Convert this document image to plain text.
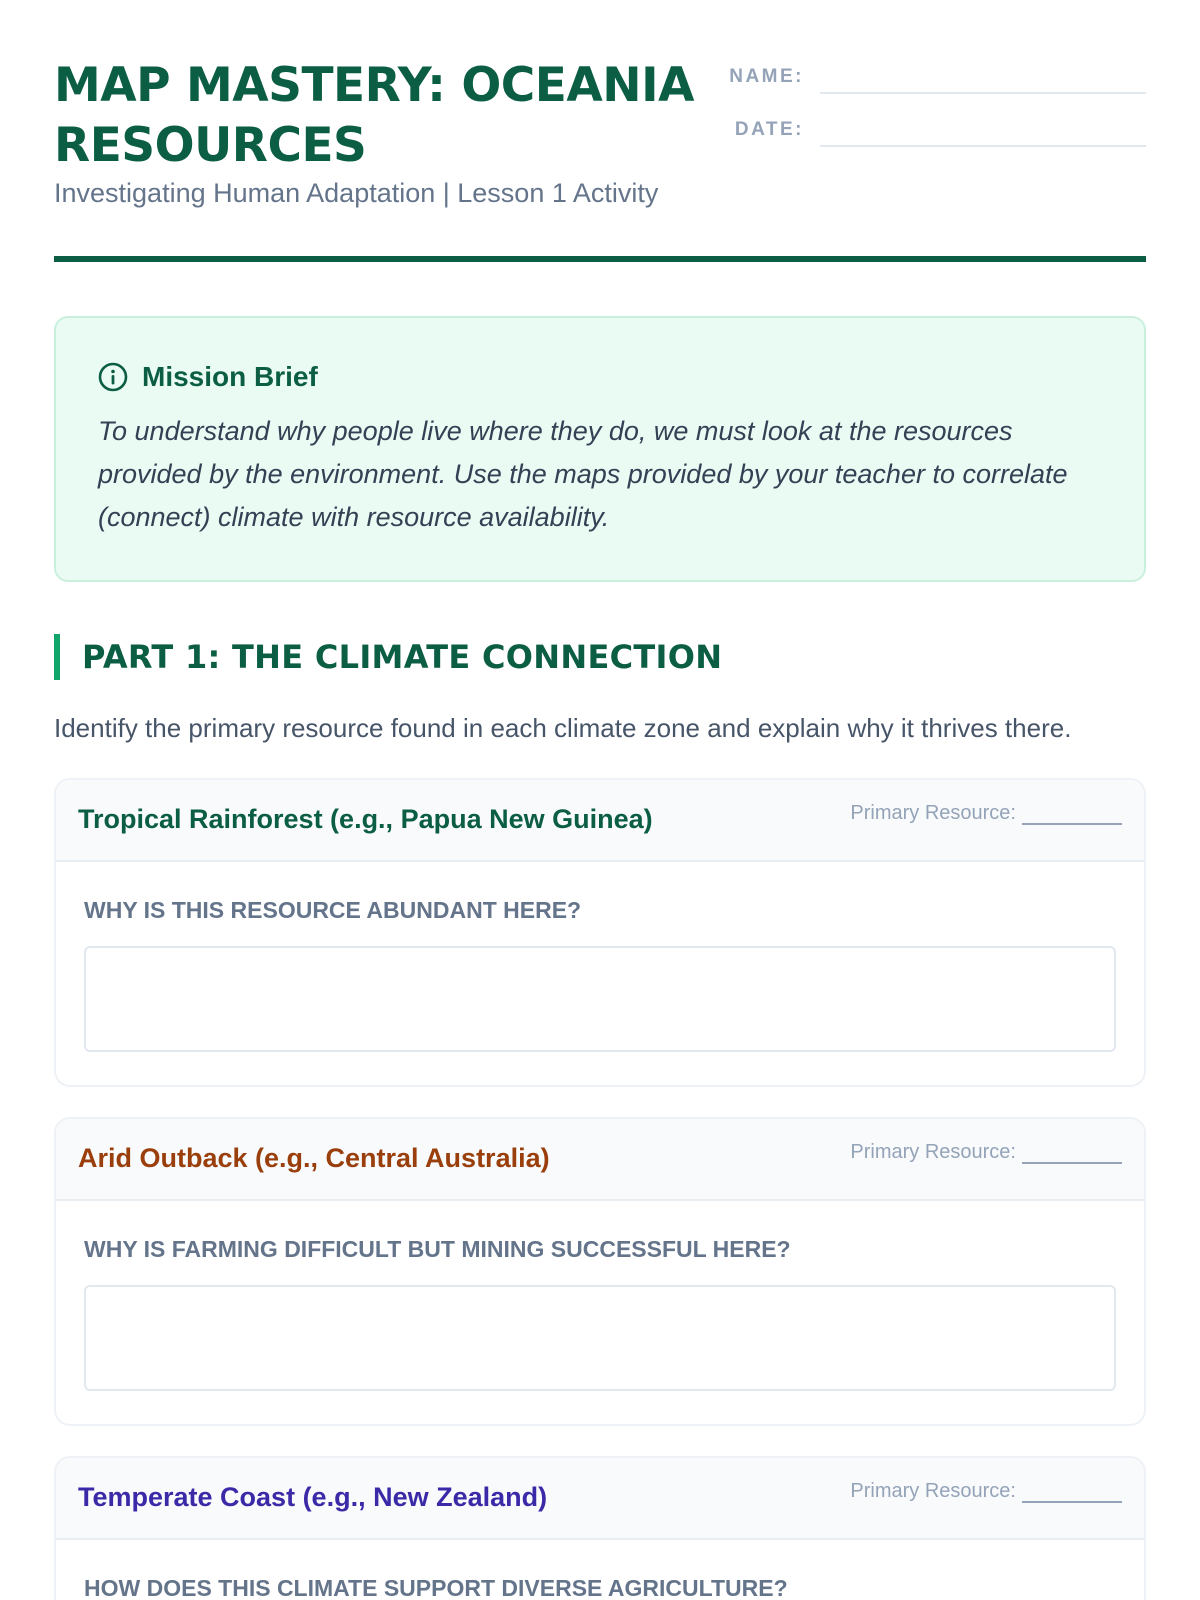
MAP MASTERY: OCEANIA RESOURCES
Investigating Human Adaptation | Lesson 1 Activity
NAME:
DATE:
Mission Brief

To understand why people live where they do, we must look at the resources provided by the environment. Use the maps provided by your teacher to correlate (connect) climate with resource availability.

PART 1: THE CLIMATE CONNECTION

Identify the primary resource found in each climate zone and explain why it thrives there.

Tropical Rainforest (e.g., Papua New Guinea)	Primary Resource:
WHY IS THIS RESOURCE ABUNDANT HERE?
Arid Outback (e.g., Central Australia)	Primary Resource:
WHY IS FARMING DIFFICULT BUT MINING SUCCESSFUL HERE?
Temperate Coast (e.g., New Zealand)	Primary Resource:
HOW DOES THIS CLIMATE SUPPORT DIVERSE AGRICULTURE?
